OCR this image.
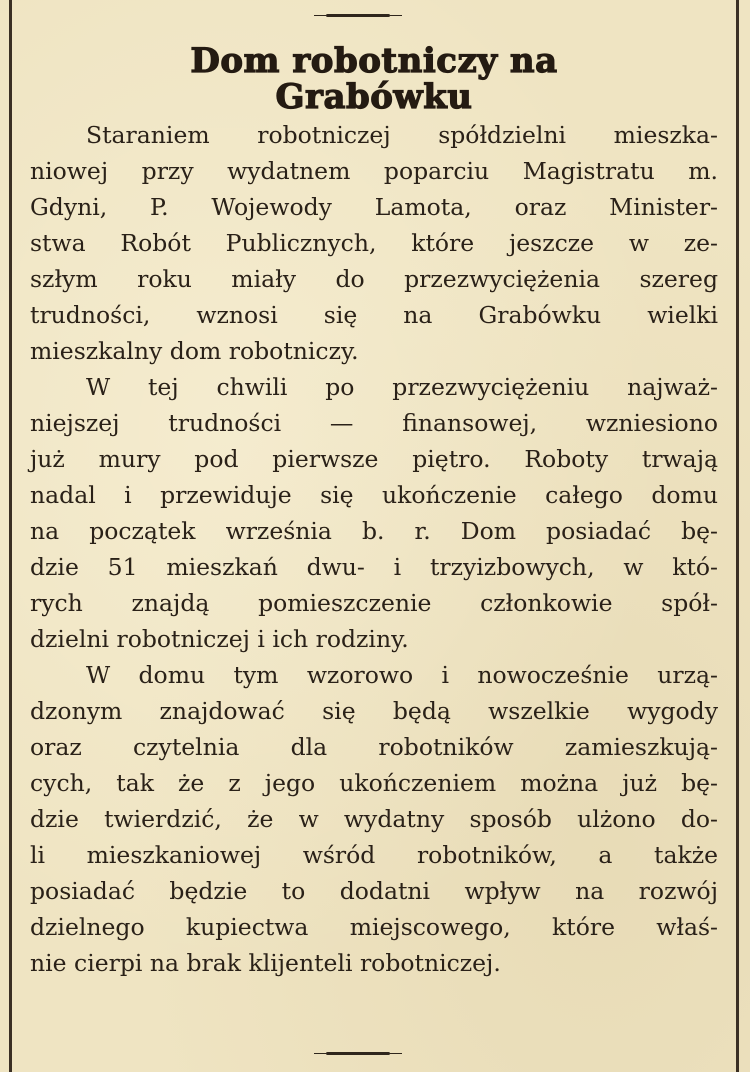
Dom robotniczy na
Grabówku
Staraniem robotniczej spółdzielni mieszka-
niowej przy wydatnem poparciu Magistratu m.
Gdyni, P. Wojewody Lamota, oraz Minister-
stwa Robót Publicznych, które jeszcze w ze-
szłym roku miały do przezwyciężenia szereg
trudności, wznosi się na Grabówku wielki
mieszkalny dom robotniczy.
W tej chwili po przezwyciężeniu najważ-
niejszej trudności — finansowej, wzniesiono
już mury pod pierwsze piętro. Roboty trwają
nadal i przewiduje się ukończenie całego domu
na początek września b. r. Dom posiadać bę-
dzie 51 mieszkań dwu- i trzyizbowych, w któ-
rych znajdą pomieszczenie członkowie spół-
dzielni robotniczej i ich rodziny.
W domu tym wzorowo i nowocześnie urzą-
dzonym znajdować się będą wszelkie wygody
oraz czytelnia dla robotników zamieszkują-
cych, tak że z jego ukończeniem można już bę-
dzie twierdzić, że w wydatny sposób ulżono do-
li mieszkaniowej wśród robotników, a także
posiadać będzie to dodatni wpływ na rozwój
dzielnego kupiectwa miejscowego, które właś-
nie cierpi na brak klijenteli robotniczej.
